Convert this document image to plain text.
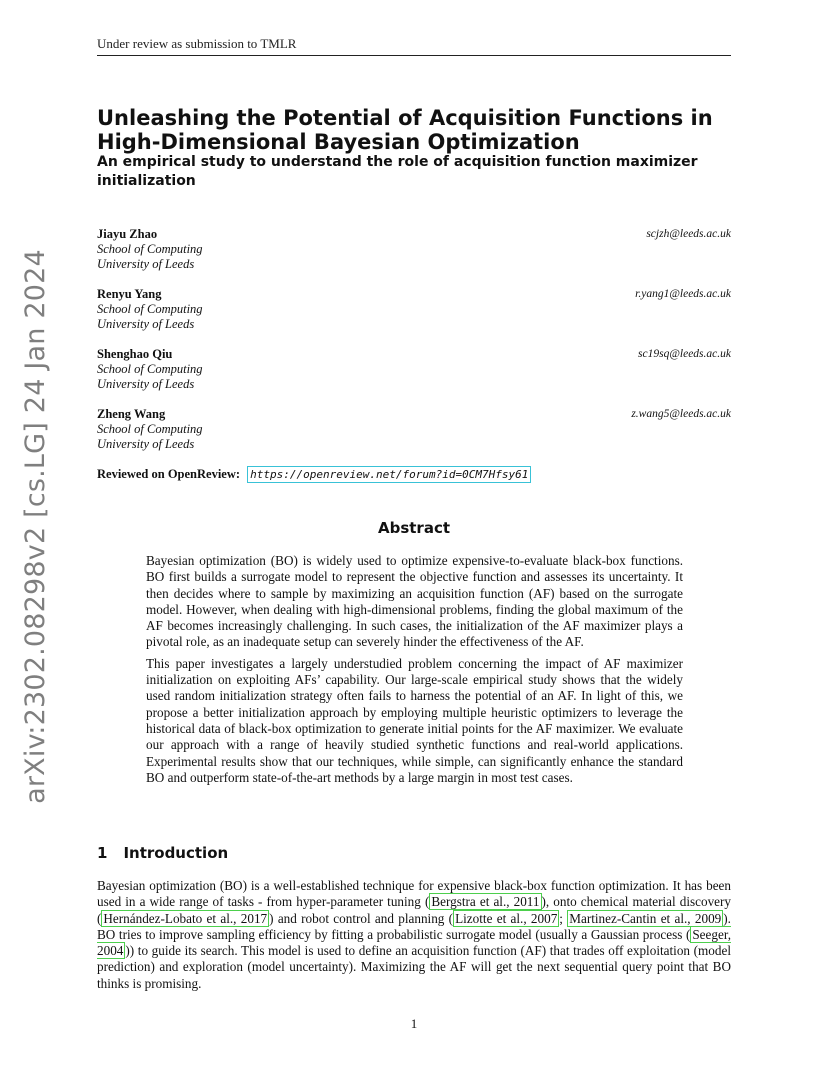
Under review as submission to TMLR
arXiv:2302.08298v2 [cs.LG] 24 Jan 2024
Unleashing the Potential of Acquisition Functions in High-Dimensional Bayesian Optimization
An empirical study to understand the role of acquisition function maximizer initialization
Jiayu Zhao
School of Computing
University of Leeds
scjzh@leeds.ac.uk
Renyu Yang
School of Computing
University of Leeds
r.yang1@leeds.ac.uk
Shenghao Qiu
School of Computing
University of Leeds
sc19sq@leeds.ac.uk
Zheng Wang
School of Computing
University of Leeds
z.wang5@leeds.ac.uk
Reviewed on OpenReview: https://openreview.net/forum?id=0CM7Hfsy61
Abstract

Bayesian optimization (BO) is widely used to optimize expensive-to-evaluate black-box functions. BO first builds a surrogate model to represent the objective function and assesses its uncertainty. It then decides where to sample by maximizing an acquisition function (AF) based on the surrogate model. However, when dealing with high-dimensional problems, finding the global maximum of the AF becomes increasingly challenging. In such cases, the initialization of the AF maximizer plays a pivotal role, as an inadequate setup can severely hinder the effectiveness of the AF.

This paper investigates a largely understudied problem concerning the impact of AF maximizer initialization on exploiting AFs’ capability. Our large-scale empirical study shows that the widely used random initialization strategy often fails to harness the potential of an AF. In light of this, we propose a better initialization approach by employing multiple heuristic optimizers to leverage the historical data of black-box optimization to generate initial points for the AF maximizer. We evaluate our approach with a range of heavily studied synthetic functions and real-world applications. Experimental results show that our techniques, while simple, can significantly enhance the standard BO and outperform state-of-the-art methods by a large margin in most test cases.

1 Introduction

Bayesian optimization (BO) is a well-established technique for expensive black-box function optimization. It has been used in a wide range of tasks - from hyper-parameter tuning ( Bergstra et al., 2011 ), onto chemical material discovery ( Hernández-Lobato et al., 2017 ) and robot control and planning ( Lizotte et al., 2007 ; Martinez-Cantin et al., 2009 ). BO tries to improve sampling efficiency by fitting a probabilistic surrogate model (usually a Gaussian process ( Seeger, 2004 )) to guide its search. This model is used to define an acquisition function (AF) that trades off exploitation (model prediction) and exploration (model uncertainty). Maximizing the AF will get the next sequential query point that BO thinks is promising.

1
